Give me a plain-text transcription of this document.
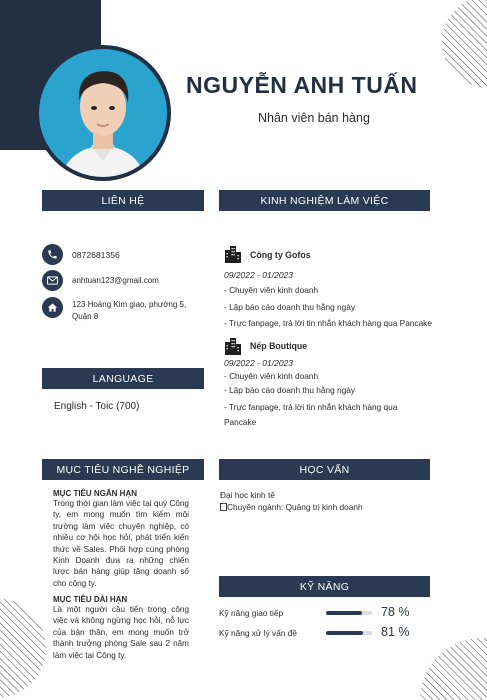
NGUYỄN ANH TUẤN
Nhân viên bán hàng
LIÊN HỆ
0872681356
anhtuan123@gmail.com
123 Hoàng Kim giao, phường 5, Quận 8
LANGUAGE
English - Toic (700)
KINH NGHIỆM LÀM VIỆC
Công ty Gofos
09/2022 - 01/2023
- Chuyên viên kinh doanh
- Lập báo cáo doanh thu hằng ngày
- Trực fanpage, trả lời tin nhắn khách hàng qua Pancake
Nếp Boutique
09/2022 - 01/2023
- Chuyên viên kinh doanh
- Lập báo cáo doanh thu hằng ngày
- Trực fanpage, trả lời tin nhắn khách hàng qua Pancake
MỤC TIÊU NGHỀ NGHIỆP
MỤC TIÊU NGẮN HẠN
Trong thời gian làm việc tại quý Công ty, em mong muốn tìm kiếm môi trường làm việc chuyên nghiệp, có nhiều cơ hội học hỏi, phát triển kiến thức về Sales. Phối hợp cùng phòng Kinh Doanh đưa ra những chiến lược bán hàng giúp tăng doanh số cho công ty.
MỤC TIÊU DÀI HẠN
Là một người cầu tiến trong công việc và không ngừng học hỏi, nỗ lực của bản thân, em mong muốn trở thành trưởng phòng Sale sau 2 năm làm việc tại Công ty.
HỌC VẤN
Đại học kinh tế
Chuyên ngành: Quảng trị kinh doanh
KỸ NĂNG
Kỹ năng giao tiếp	78 %
Kỹ năng xử lý vấn đề	81 %
